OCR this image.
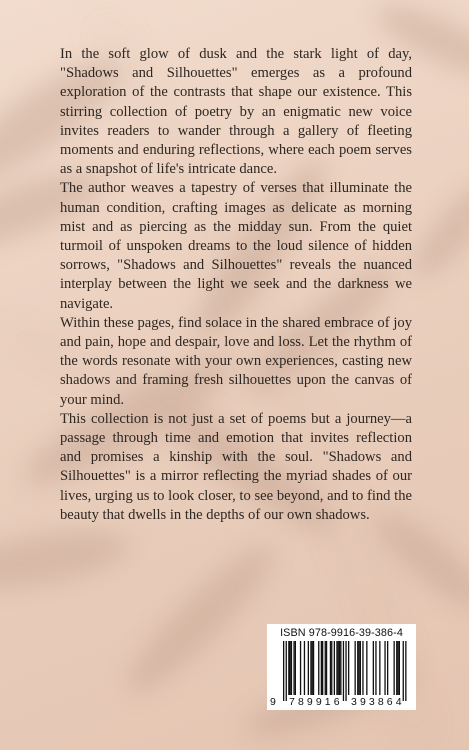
In the soft glow of dusk and the stark light of day, "Shadows and Silhouettes" emerges as a profound exploration of the contrasts that shape our existence. This stirring collection of poetry by an enigmatic new voice invites readers to wander through a gallery of fleeting moments and enduring reflections, where each poem serves as a snapshot of life's intricate dance.

The author weaves a tapestry of verses that illuminate the human condition, crafting images as delicate as morning mist and as piercing as the midday sun. From the quiet turmoil of unspoken dreams to the loud silence of hidden sorrows, "Shadows and Silhouettes" reveals the nuanced interplay between the light we seek and the darkness we navigate.

Within these pages, find solace in the shared embrace of joy and pain, hope and despair, love and loss. Let the rhythm of the words resonate with your own experiences, casting new shadows and framing fresh silhouettes upon the canvas of your mind.

This collection is not just a set of poems but a journey—a passage through time and emotion that invites reflection and promises a kinship with the soul. "Shadows and Silhouettes" is a mirror reflecting the myriad shades of our lives, urging us to look closer, to see beyond, and to find the beauty that dwells in the depths of our own shadows.

ISBN 978-9916-39-386-4
9 789916 393864
